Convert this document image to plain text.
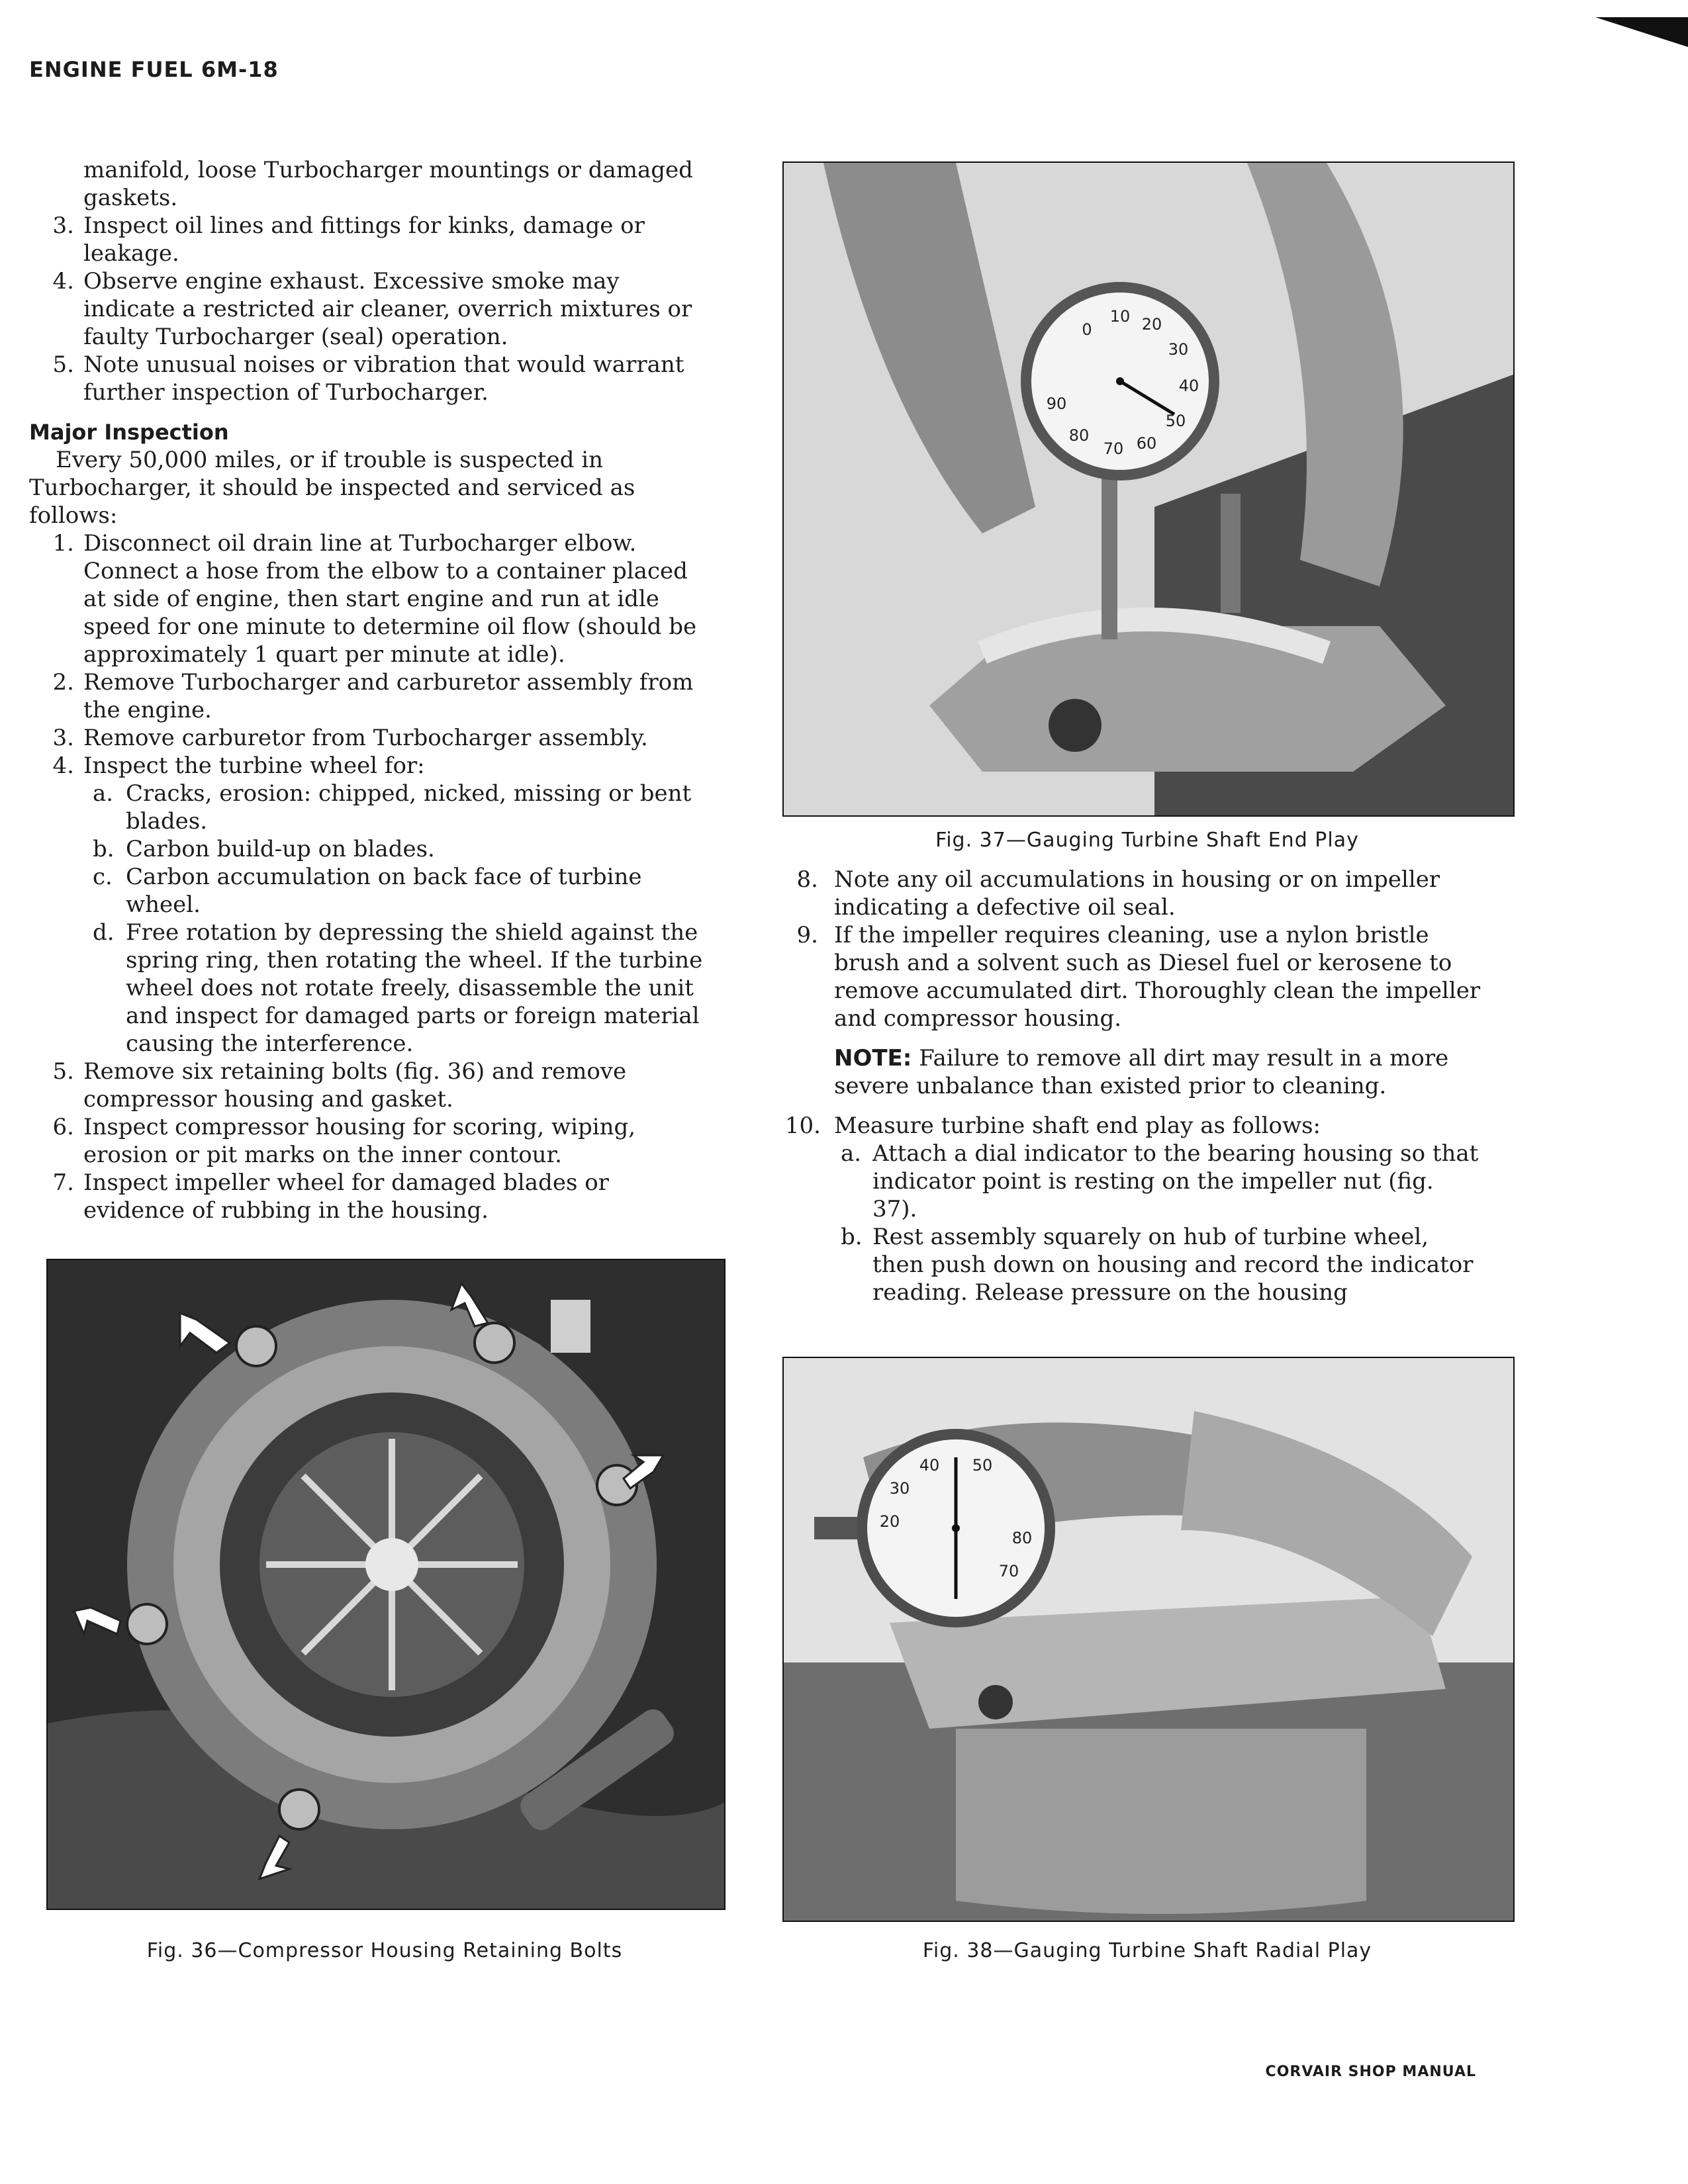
ENGINE FUEL 6M-18

manifold, loose Turbocharger mountings or damaged gaskets.

3. Inspect oil lines and fittings for kinks, damage or leakage.

4. Observe engine exhaust. Excessive smoke may indicate a restricted air cleaner, overrich mixtures or faulty Turbocharger (seal) operation.

5. Note unusual noises or vibration that would warrant further inspection of Turbocharger.

Major Inspection

Every 50,000 miles, or if trouble is suspected in Turbocharger, it should be inspected and serviced as follows:

1. Disconnect oil drain line at Turbocharger elbow. Connect a hose from the elbow to a container placed at side of engine, then start engine and run at idle speed for one minute to determine oil flow (should be approximately 1 quart per minute at idle).

2. Remove Turbocharger and carburetor assembly from the engine.

3. Remove carburetor from Turbocharger assembly.

4. Inspect the turbine wheel for:

a. Cracks, erosion: chipped, nicked, missing or bent blades.

b. Carbon build-up on blades.

c. Carbon accumulation on back face of turbine wheel.

d. Free rotation by depressing the shield against the spring ring, then rotating the wheel. If the turbine wheel does not rotate freely, disassemble the unit and inspect for damaged parts or foreign material causing the interference.

5. Remove six retaining bolts (fig. 36) and remove compressor housing and gasket.

6. Inspect compressor housing for scoring, wiping, erosion or pit marks on the inner contour.

7. Inspect impeller wheel for damaged blades or evidence of rubbing in the housing.

Fig. 36—Compressor Housing Retaining Bolts
0
10 20
30
40
50
60
70
80
90
Fig. 37—Gauging Turbine Shaft End Play

8. Note any oil accumulations in housing or on impeller indicating a defective oil seal.

9. If the impeller requires cleaning, use a nylon bristle brush and a solvent such as Diesel fuel or kerosene to remove accumulated dirt. Thoroughly clean the impeller and compressor housing.

NOTE: Failure to remove all dirt may result in a more severe unbalance than existed prior to cleaning.

10. Measure turbine shaft end play as follows:

a. Attach a dial indicator to the bearing housing so that indicator point is resting on the impeller nut (fig. 37).

b. Rest assembly squarely on hub of turbine wheel, then push down on housing and record the indicator reading. Release pressure on the housing

40 50
30
20
70
80
Fig. 38—Gauging Turbine Shaft Radial Play
CORVAIR SHOP MANUAL
